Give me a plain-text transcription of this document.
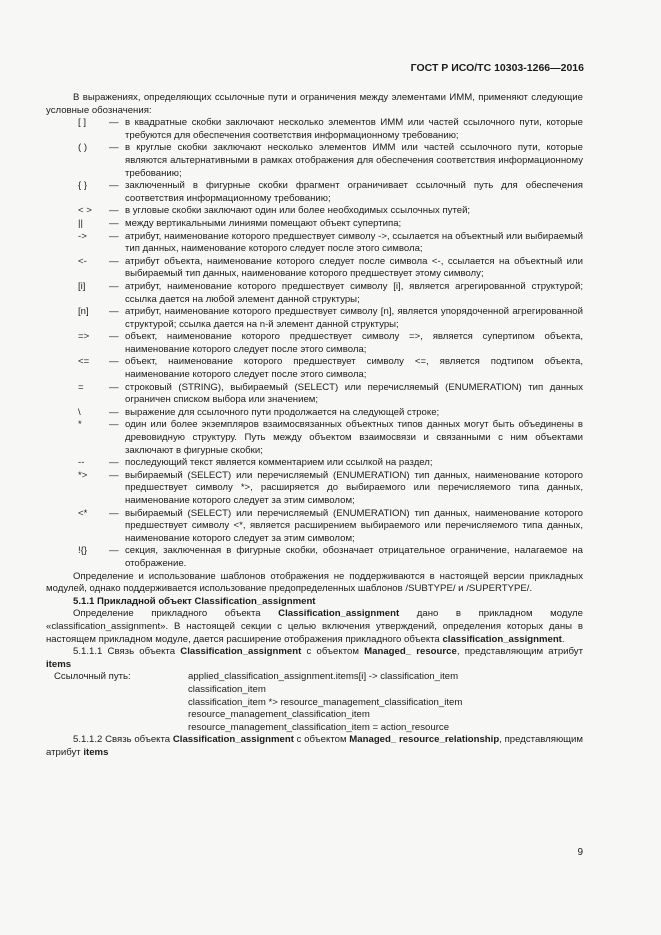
ГОСТ Р ИСО/ТС 10303-1266—2016

В выражениях, определяющих ссылочные пути и ограничения между элементами ИММ, применяют следующие условные обозначения:

[ ]	— в квадратные скобки заключают несколько элементов ИММ или частей ссылочного пути, которые требуются для обеспечения соответствия информационному требованию;
( )	— в круглые скобки заключают несколько элементов ИММ или частей ссылочного пути, которые являются альтернативными в рамках отображения для обеспечения соответствия информационному требованию;
{ }	— заключенный в фигурные скобки фрагмент ограничивает ссылочный путь для обеспечения соответствия информационному требованию;
< >	— в угловые скобки заключают один или более необходимых ссылочных путей;
||	— между вертикальными линиями помещают объект супертипа;
->	— атрибут, наименование которого предшествует символу ->, ссылается на объектный или выбираемый тип данных, наименование которого следует после этого символа;
<-	— атрибут объекта, наименование которого следует после символа <-, ссылается на объектный или выбираемый тип данных, наименование которого предшествует этому символу;
[i]	— атрибут, наименование которого предшествует символу [i], является агрегированной структурой; ссылка дается на любой элемент данной структуры;
[n]	— атрибут, наименование которого предшествует символу [n], является упорядоченной агрегированной структурой; ссылка дается на n-й элемент данной структуры;
=>	— объект, наименование которого предшествует символу =>, является супертипом объекта, наименование которого следует после этого символа;
<=	— объект, наименование которого предшествует символу <=, является подтипом объекта, наименование которого следует после этого символа;
=	— строковый (STRING), выбираемый (SELECT) или перечисляемый (ENUMERATION) тип данных ограничен списком выбора или значением;
\	— выражение для ссылочного пути продолжается на следующей строке;
*	— один или более экземпляров взаимосвязанных объектных типов данных могут быть объединены в древовидную структуру. Путь между объектом взаимосвязи и связанными с ним объектами заключают в фигурные скобки;
--	— последующий текст является комментарием или ссылкой на раздел;
*>	— выбираемый (SELECT) или перечисляемый (ENUMERATION) тип данных, наименование которого предшествует символу *>, расширяется до выбираемого или перечисляемого типа данных, наименование которого следует за этим символом;
<*	— выбираемый (SELECT) или перечисляемый (ENUMERATION) тип данных, наименование которого предшествует символу <*, является расширением выбираемого или перечисляемого типа данных, наименование которого следует за этим символом;
!{}	— секция, заключенная в фигурные скобки, обозначает отрицательное ограничение, налагаемое на отображение.

Определение и использование шаблонов отображения не поддерживаются в настоящей версии прикладных модулей, однако поддерживается использование предопределенных шаблонов /SUBTYPE/ и /SUPERTYPE/.

5.1.1 Прикладной объект Classification_assignment

Определение прикладного объекта Classification_assignment дано в прикладном модуле «classification_assignment». В настоящей секции с целью включения утверждений, определения которых даны в настоящем прикладном модуле, дается расширение отображения прикладного объекта classification_assignment.

5.1.1.1 Связь объекта Classification_assignment с объектом Managed_ resource, представляющим атрибут items

Ссылочный путь:	applied_classification_assignment.items[i] -> classification_item
classification_item
classification_item *> resource_management_classification_item
resource_management_classification_item
resource_management_classification_item = action_resource

5.1.1.2 Связь объекта Classification_assignment с объектом Managed_ resource_relationship, представляющим атрибут items

9
